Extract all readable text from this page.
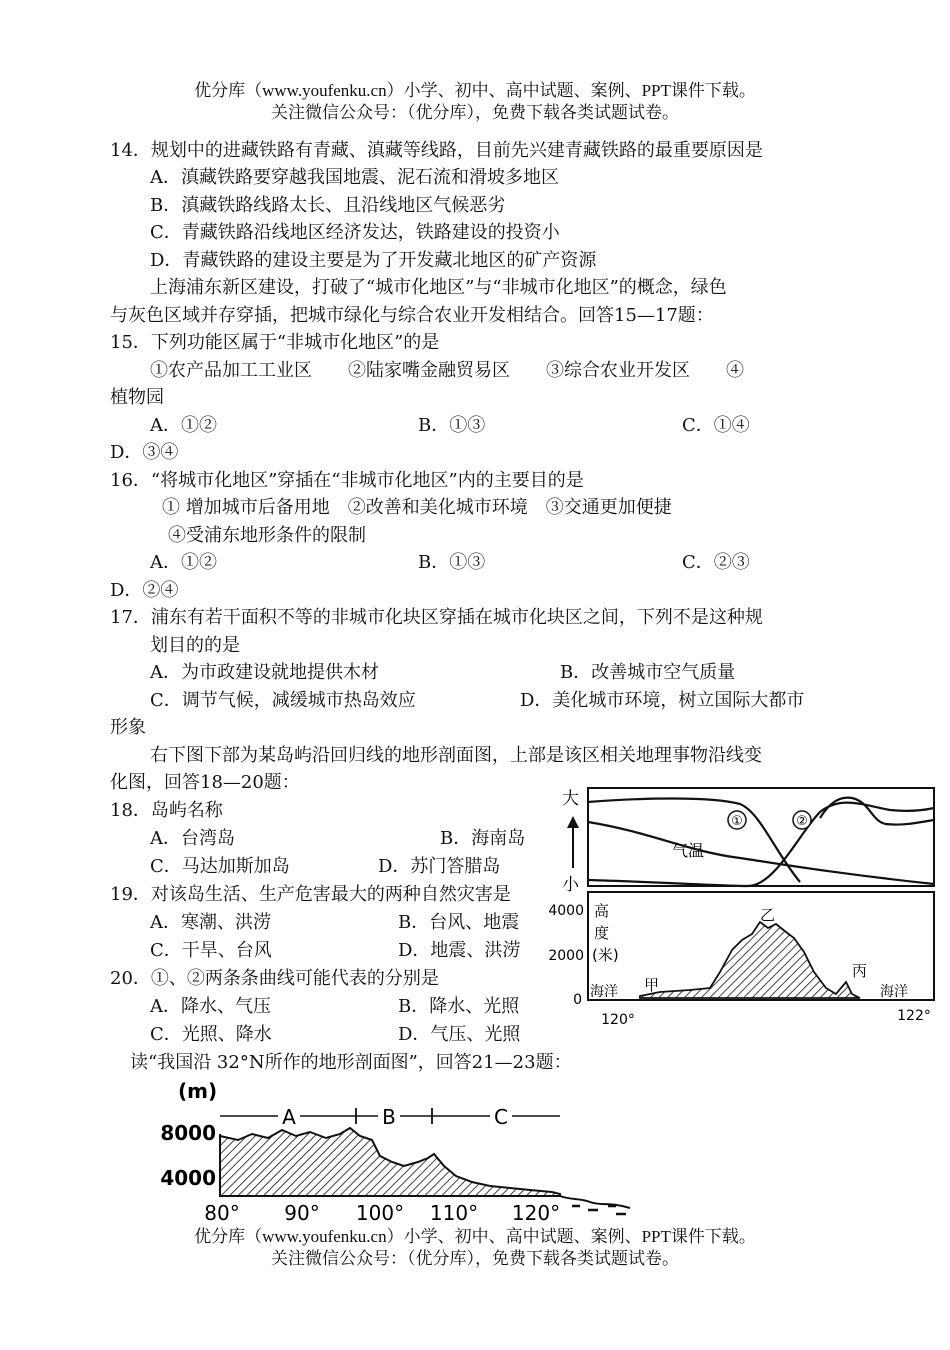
优分库（www.youfenku.cn）小学、初中、高中试题、案例、PPT课件下载。
关注微信公众号：（优分库），免费下载各类试题试卷。
14．规划中的进藏铁路有青藏、滇藏等线路，目前先兴建青藏铁路的最重要原因是
A．滇藏铁路要穿越我国地震、泥石流和滑坡多地区
B．滇藏铁路线路太长、且沿线地区气候恶劣
C．青藏铁路沿线地区经济发达，铁路建设的投资小
D．青藏铁路的建设主要是为了开发藏北地区的矿产资源
上海浦东新区建设，打破了“城市化地区”与“非城市化地区”的概念，绿色
与灰色区域并存穿插，把城市绿化与综合农业开发相结合。回答15—17题：
15．下列功能区属于“非城市化地区”的是
①农产品加工工业区　　②陆家嘴金融贸易区　　③综合农业开发区　　④
植物园
A．①②	B．①③	C．①④
D．③④
16．“将城市化地区”穿插在“非城市化地区”内的主要目的是
① 增加城市后备用地　②改善和美化城市环境　③交通更加便捷
④受浦东地形条件的限制
A．①②	B．①③	C．②③
D．②④
17．浦东有若干面积不等的非城市化块区穿插在城市化块区之间，下列不是这种规
划目的的是
A．为市政建设就地提供木材	B．改善城市空气质量
C．调节气候，减缓城市热岛效应	D．美化城市环境，树立国际大都市
形象
右下图下部为某岛屿沿回归线的地形剖面图，上部是该区相关地理事物沿线变
化图，回答18—20题：
18．岛屿名称
A．台湾岛	B．海南岛
C．马达加斯加岛	D．苏门答腊岛
19．对该岛生活、生产危害最大的两种自然灾害是
A．寒潮、洪涝	B．台风、地震
C．干旱、台风	D．地震、洪涝
20．①、②两条条曲线可能代表的分别是
A．降水、气压	B．降水、光照
C．光照、降水	D．气压、光照
读“我国沿 32°N所作的地形剖面图”，回答21—23题：
大
小
①	②
气温
4000
2000
0
高
度
(米)
海洋	海洋
甲
乙
丙
120°	122°
(m)
8000
4000
A	B	C
80° 90° 100° 110° 120°
优分库（www.youfenku.cn）小学、初中、高中试题、案例、PPT课件下载。
关注微信公众号：（优分库），免费下载各类试题试卷。
